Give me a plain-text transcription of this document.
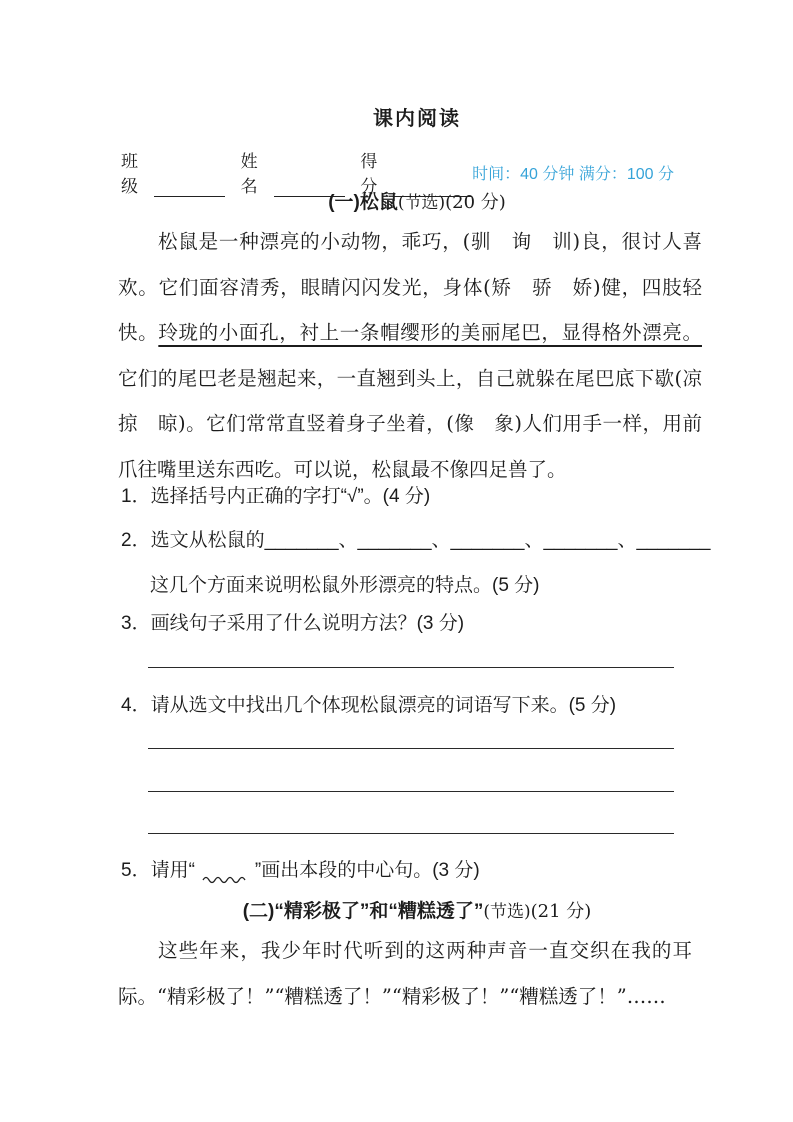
课内阅读
班级
姓名
得分
时间：40 分钟 满分：100 分
(一)松鼠(节选)(20 分)
松鼠是一种漂亮的小动物，乖巧，(驯　询　训)良，很讨人喜欢。它们面容清秀，眼睛闪闪发光，身体(矫　骄　娇)健，四肢轻快。玲珑的小面孔，衬上一条帽缨形的美丽尾巴，显得格外漂亮。它们的尾巴老是翘起来，一直翘到头上，自己就躲在尾巴底下歇(凉　掠　晾)。它们常常直竖着身子坐着，(像　象)人们用手一样，用前爪往嘴里送东西吃。可以说，松鼠最不像四足兽了。
1． 选择括号内正确的字打“√”。(4 分)
2． 选文从松鼠的_______、_______、_______、_______、_______
这几个方面来说明松鼠外形漂亮的特点。(5 分)
3． 画线句子采用了什么说明方法？(3 分)
4． 请从选文中找出几个体现松鼠漂亮的词语写下来。(5 分)
5． 请用“	”画出本段的中心句。(3 分)
(二)“精彩极了”和“糟糕透了”(节选)(21 分)
这些年来，我少年时代听到的这两种声音一直交织在我的耳际。“精彩极了！”“糟糕透了！”“精彩极了！”“糟糕透了！”……
